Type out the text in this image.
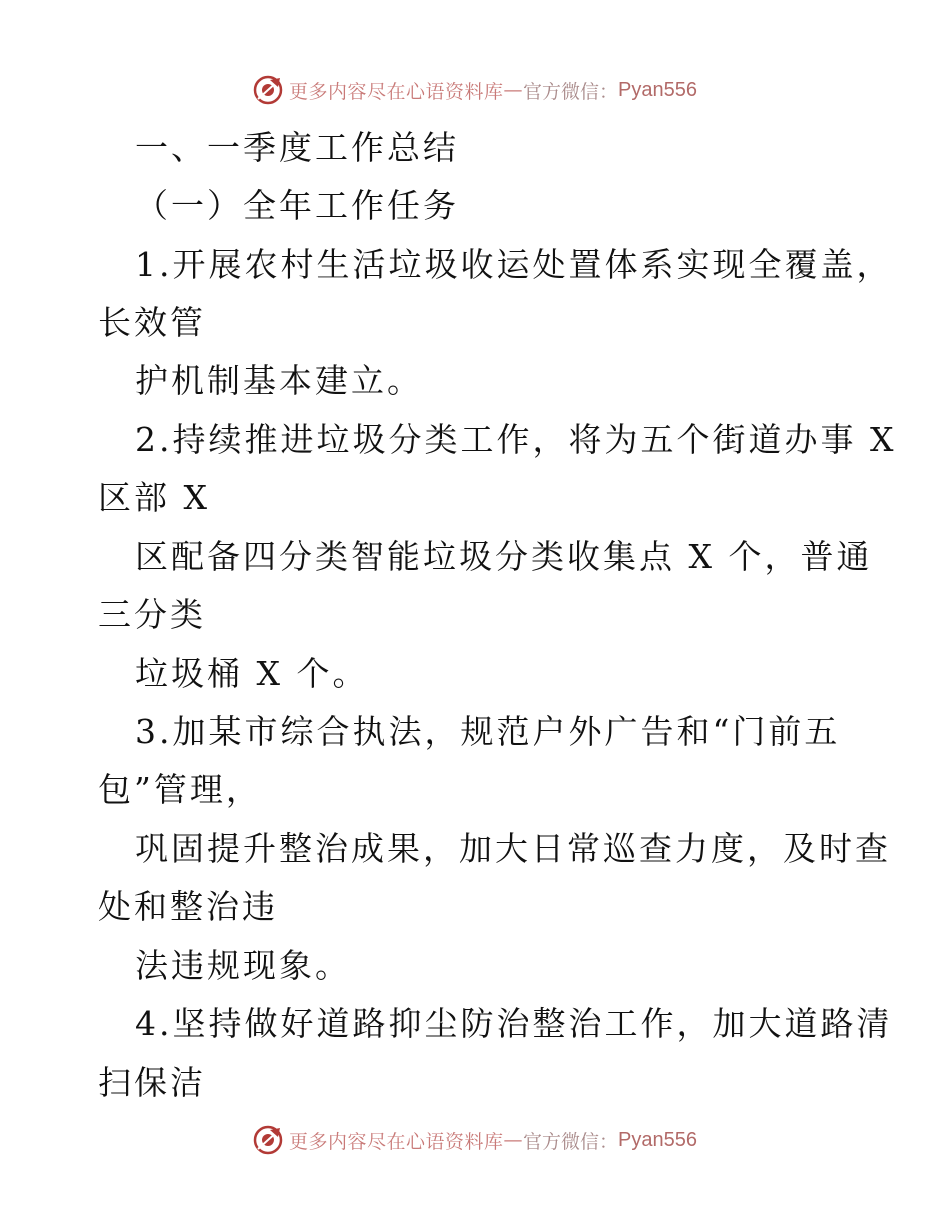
更多内容尽在心语资料库 — 官方微信： Pyan556
一、一季度工作总结
（一）全年工作任务
1.开展农村生活垃圾收运处置体系实现全覆盖，
长效管
护机制基本建立。
2.持续推进垃圾分类工作，将为五个街道办事 X
区部 X
区配备四分类智能垃圾分类收集点 X 个，普通
三分类
垃圾桶 X 个。
3.加某市综合执法，规范户外广告和“门前五
包”管理，
巩固提升整治成果，加大日常巡查力度，及时查
处和整治违
法违规现象。
4.坚持做好道路抑尘防治整治工作，加大道路清
扫保洁
更多内容尽在心语资料库 — 官方微信： Pyan556
